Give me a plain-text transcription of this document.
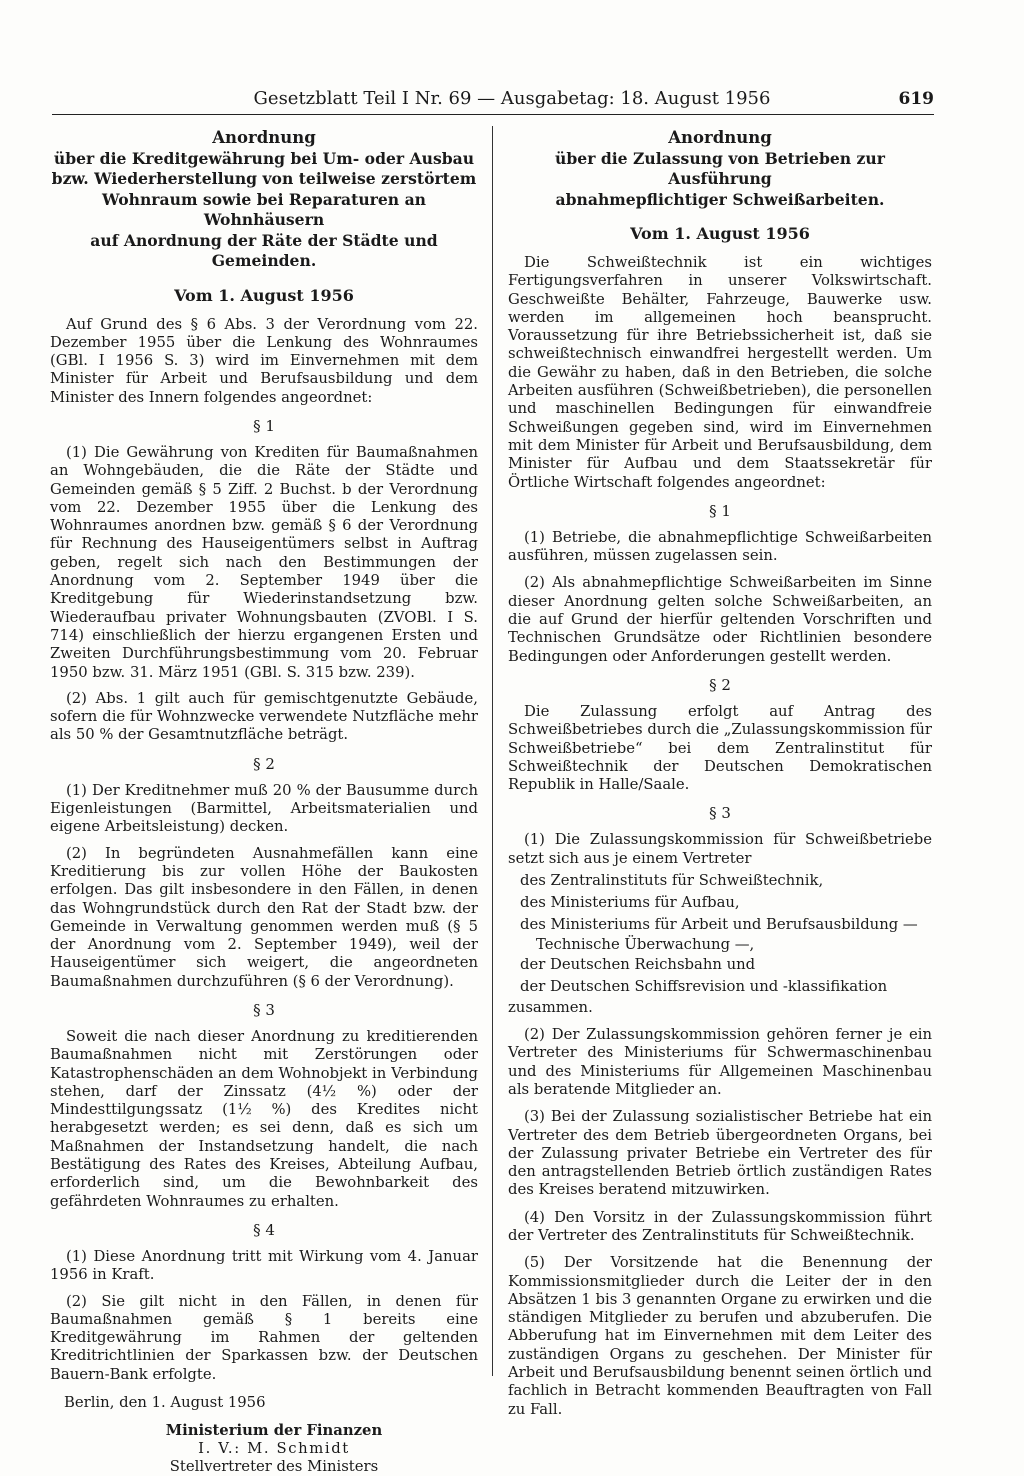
Gesetzblatt Teil I Nr. 69 — Ausgabetag: 18. August 1956	619

Anordnung

über die Kreditgewährung bei Um- oder Ausbau

bzw. Wiederherstellung von teilweise zerstörtem

Wohnraum sowie bei Reparaturen an Wohnhäusern

auf Anordnung der Räte der Städte und Gemeinden.

Vom 1. August 1956

Auf Grund des § 6 Abs. 3 der Verordnung vom 22. Dezember 1955 über die Lenkung des Wohnraumes (GBl. I 1956 S. 3) wird im Einvernehmen mit dem Minister für Arbeit und Berufsausbildung und dem Minister des Innern folgendes angeordnet:

§ 1

(1) Die Gewährung von Krediten für Baumaßnahmen an Wohngebäuden, die die Räte der Städte und Gemeinden gemäß § 5 Ziff. 2 Buchst. b der Verordnung vom 22. Dezember 1955 über die Lenkung des Wohnraumes anordnen bzw. gemäß § 6 der Verordnung für Rechnung des Hauseigentümers selbst in Auftrag geben, regelt sich nach den Bestimmungen der Anordnung vom 2. September 1949 über die Kreditgebung für Wiederinstandsetzung bzw. Wiederaufbau privater Wohnungsbauten (ZVOBl. I S. 714) einschließlich der hierzu ergangenen Ersten und Zweiten Durchführungsbestimmung vom 20. Februar 1950 bzw. 31. März 1951 (GBl. S. 315 bzw. 239).

(2) Abs. 1 gilt auch für gemischtgenutzte Gebäude, sofern die für Wohnzwecke verwendete Nutzfläche mehr als 50 % der Gesamtnutzfläche beträgt.

§ 2

(1) Der Kreditnehmer muß 20 % der Bausumme durch Eigenleistungen (Barmittel, Arbeitsmaterialien und eigene Arbeitsleistung) decken.

(2) In begründeten Ausnahmefällen kann eine Kreditierung bis zur vollen Höhe der Baukosten erfolgen. Das gilt insbesondere in den Fällen, in denen das Wohngrundstück durch den Rat der Stadt bzw. der Gemeinde in Verwaltung genommen werden muß (§ 5 der Anordnung vom 2. September 1949), weil der Hauseigentümer sich weigert, die angeordneten Baumaßnahmen durchzuführen (§ 6 der Verordnung).

§ 3

Soweit die nach dieser Anordnung zu kreditierenden Baumaßnahmen nicht mit Zerstörungen oder Katastrophenschäden an dem Wohnobjekt in Verbindung stehen, darf der Zinssatz (4½ %) oder der Mindesttilgungssatz (1½ %) des Kredites nicht herabgesetzt werden; es sei denn, daß es sich um Maßnahmen der Instandsetzung handelt, die nach Bestätigung des Rates des Kreises, Abteilung Aufbau, erforderlich sind, um die Bewohnbarkeit des gefährdeten Wohnraumes zu erhalten.

§ 4

(1) Diese Anordnung tritt mit Wirkung vom 4. Januar 1956 in Kraft.

(2) Sie gilt nicht in den Fällen, in denen für Baumaßnahmen gemäß § 1 bereits eine Kreditgewährung im Rahmen der geltenden Kreditrichtlinien der Sparkassen bzw. der Deutschen Bauern-Bank erfolgte.

Berlin, den 1. August 1956

Ministerium der Finanzen

I. V.: M. Schmidt

Stellvertreter des Ministers

Anordnung

über die Zulassung von Betrieben zur Ausführung

abnahmepflichtiger Schweißarbeiten.

Vom 1. August 1956

Die Schweißtechnik ist ein wichtiges Fertigungsverfahren in unserer Volkswirtschaft. Geschweißte Behälter, Fahrzeuge, Bauwerke usw. werden im allgemeinen hoch beansprucht. Voraussetzung für ihre Betriebssicherheit ist, daß sie schweißtechnisch einwandfrei hergestellt werden. Um die Gewähr zu haben, daß in den Betrieben, die solche Arbeiten ausführen (Schweißbetrieben), die personellen und maschinellen Bedingungen für einwandfreie Schweißungen gegeben sind, wird im Einvernehmen mit dem Minister für Arbeit und Berufsausbildung, dem Minister für Aufbau und dem Staatssekretär für Örtliche Wirtschaft folgendes angeordnet:

§ 1

(1) Betriebe, die abnahmepflichtige Schweißarbeiten ausführen, müssen zugelassen sein.

(2) Als abnahmepflichtige Schweißarbeiten im Sinne dieser Anordnung gelten solche Schweißarbeiten, an die auf Grund der hierfür geltenden Vorschriften und Technischen Grundsätze oder Richtlinien besondere Bedingungen oder Anforderungen gestellt werden.

§ 2

Die Zulassung erfolgt auf Antrag des Schweißbetriebes durch die „Zulassungskommission für Schweißbetriebe“ bei dem Zentralinstitut für Schweißtechnik der Deutschen Demokratischen Republik in Halle/Saale.

§ 3

(1) Die Zulassungskommission für Schweißbetriebe setzt sich aus je einem Vertreter

des Zentralinstituts für Schweißtechnik,

des Ministeriums für Aufbau,

des Ministeriums für Arbeit und Berufsausbildung —

Technische Überwachung —,

der Deutschen Reichsbahn und

der Deutschen Schiffsrevision und -klassifikation

zusammen.

(2) Der Zulassungskommission gehören ferner je ein Vertreter des Ministeriums für Schwermaschinenbau und des Ministeriums für Allgemeinen Maschinenbau als beratende Mitglieder an.

(3) Bei der Zulassung sozialistischer Betriebe hat ein Vertreter des dem Betrieb übergeordneten Organs, bei der Zulassung privater Betriebe ein Vertreter des für den antragstellenden Betrieb örtlich zuständigen Rates des Kreises beratend mitzuwirken.

(4) Den Vorsitz in der Zulassungskommission führt der Vertreter des Zentralinstituts für Schweißtechnik.

(5) Der Vorsitzende hat die Benennung der Kommissionsmitglieder durch die Leiter der in den Absätzen 1 bis 3 genannten Organe zu erwirken und die ständigen Mitglieder zu berufen und abzuberufen. Die Abberufung hat im Einvernehmen mit dem Leiter des zuständigen Organs zu geschehen. Der Minister für Arbeit und Berufsausbildung benennt seinen örtlich und fachlich in Betracht kommenden Beauftragten von Fall zu Fall.
